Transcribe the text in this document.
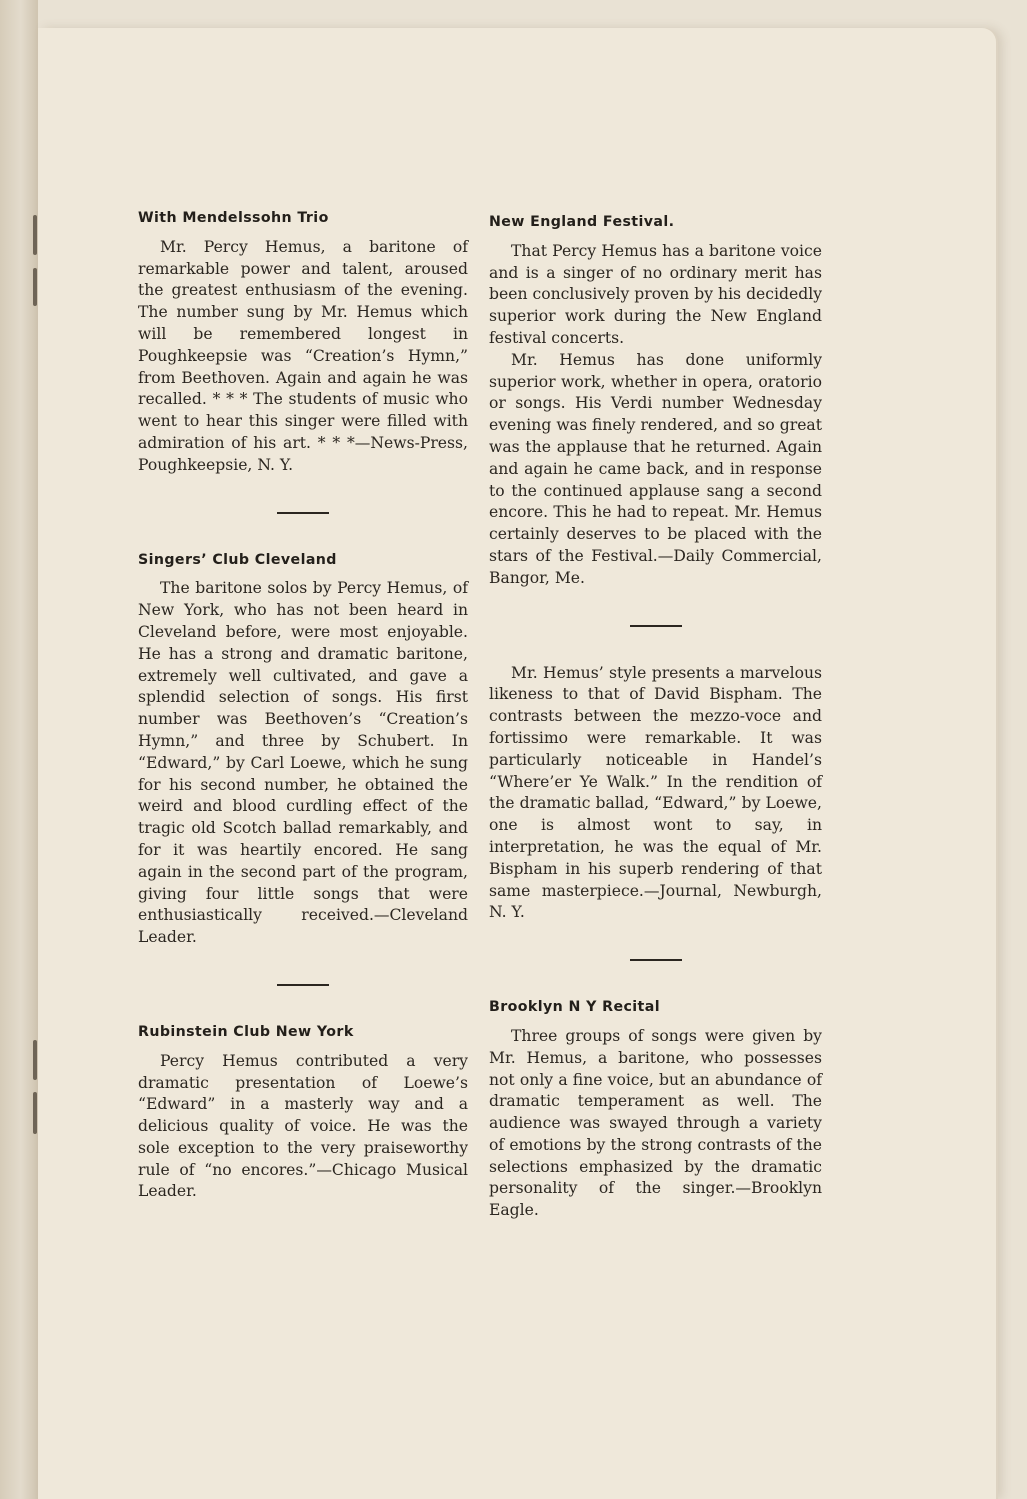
With Mendelssohn Trio

Mr. Percy Hemus, a baritone of remarkable power and talent, aroused the greatest enthusiasm of the evening. The number sung by Mr. Hemus which will be remembered longest in Poughkeepsie was “Creation’s Hymn,” from Beethoven. Again and again he was recalled. * * * The students of music who went to hear this singer were filled with admiration of his art. * * *—News-Press, Poughkeepsie, N. Y.

Singers’ Club Cleveland

The baritone solos by Percy Hemus, of New York, who has not been heard in Cleveland before, were most enjoyable. He has a strong and dramatic baritone, extremely well cultivated, and gave a splendid selection of songs. His first number was Beethoven’s “Creation’s Hymn,” and three by Schubert. In “Edward,” by Carl Loewe, which he sung for his second number, he obtained the weird and blood curdling effect of the tragic old Scotch ballad remarkably, and for it was heartily encored. He sang again in the second part of the program, giving four little songs that were enthusiastically received.—Cleveland Leader.

Rubinstein Club New York

Percy Hemus contributed a very dramatic presentation of Loewe’s “Edward” in a masterly way and a delicious quality of voice. He was the sole exception to the very praiseworthy rule of “no encores.”—Chicago Musical Leader.

New England Festival.

That Percy Hemus has a baritone voice and is a singer of no ordinary merit has been conclusively proven by his decidedly superior work during the New England festival concerts.

Mr. Hemus has done uniformly superior work, whether in opera, oratorio or songs. His Verdi number Wednesday evening was finely rendered, and so great was the applause that he returned. Again and again he came back, and in response to the continued applause sang a second encore. This he had to repeat. Mr. Hemus certainly deserves to be placed with the stars of the Festival.—Daily Commercial, Bangor, Me.

Mr. Hemus’ style presents a marvelous likeness to that of David Bispham. The contrasts between the mezzo-voce and fortissimo were remarkable. It was particularly noticeable in Handel’s “Where’er Ye Walk.” In the rendition of the dramatic ballad, “Edward,” by Loewe, one is almost wont to say, in interpretation, he was the equal of Mr. Bispham in his superb rendering of that same masterpiece.—Journal, Newburgh, N. Y.

Brooklyn N Y Recital

Three groups of songs were given by Mr. Hemus, a baritone, who possesses not only a fine voice, but an abundance of dramatic temperament as well. The audience was swayed through a variety of emotions by the strong contrasts of the selections emphasized by the dramatic personality of the singer.—Brooklyn Eagle.
